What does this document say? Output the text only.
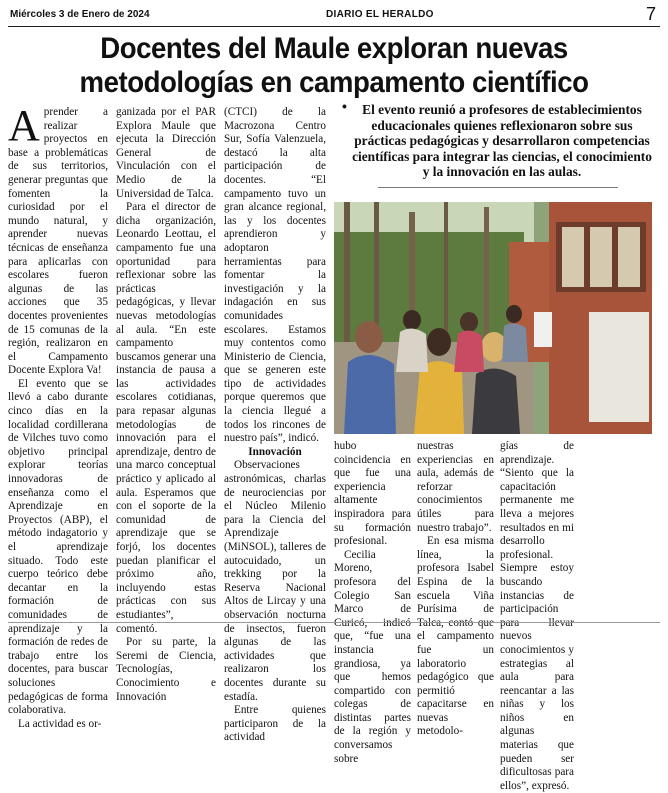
Miércoles 3 de Enero de 2024	DIARIO EL HERALDO	7
Docentes del Maule exploran nuevas
metodologías en campamento científico
A prender a realizar proyectos en base a problemáticas de sus territorios, generar preguntas que fomenten la curiosidad por el mundo natural, y aprender nuevas técnicas de enseñanza para aplicarlas con escolares fueron algunas de las acciones que 35 docentes provenientes de 15 comunas de la región, realizaron en el Campamento Docente Explora Va!

El evento que se llevó a cabo durante cinco días en la localidad cordillerana de Vilches tuvo como objetivo principal explorar teorías innovadoras de enseñanza como el Aprendizaje en Proyectos (ABP), el método indagatorio y el aprendizaje situado. Todo este cuerpo teórico debe decantar en la formación de comunidades de aprendizaje y la formación de redes de trabajo entre los docentes, para buscar soluciones pedagógicas de forma colaborativa.

La actividad es or-

ganizada por el PAR Explora Maule que ejecuta la Dirección General de Vinculación con el Medio de la Universidad de Talca.

Para el director de dicha organización, Leonardo Leottau, el campamento fue una oportunidad para reflexionar sobre las prácticas pedagógicas, y llevar nuevas metodologías al aula. “En este campamento buscamos generar una instancia de pausa a las actividades escolares cotidianas, para repasar algunas metodologías de innovación para el aprendizaje, dentro de una marco conceptual práctico y aplicado al aula. Esperamos que con el soporte de la comunidad de aprendizaje que se forjó, los docentes puedan planificar el próximo año, incluyendo estas prácticas con sus estudiantes”, comentó.

Por su parte, la Seremi de Ciencia, Tecnologías, Conocimiento e Innovación

(CTCI) de la Macrozona Centro Sur, Sofía Valenzuela, destacó la alta participación de docentes. “El campamento tuvo un gran alcance regional, las y los docentes aprendieron y adoptaron herramientas para fomentar la investigación y la indagación en sus comunidades escolares. Estamos muy contentos como Ministerio de Ciencia, que se generen este tipo de actividades porque queremos que la ciencia llegué a todos los rincones de nuestro país”, indicó.

Innovación

Observaciones astronómicas, charlas de neurociencias por el Núcleo Milenio para la Ciencia del Aprendizaje (MiNSOL), talleres de autocuidado, un trekking por la Reserva Nacional Altos de Lircay y una observación nocturna de insectos, fueron algunas de las actividades que realizaron los docentes durante su estadía.

Entre quienes participaron de la actividad

•	El evento reunió a profesores de establecimientos educacionales quienes reflexionaron sobre sus prácticas pedagógicas y desarrollaron competencias científicas para integrar las ciencias, el conocimiento y la innovación en las aulas.

hubo coincidencia en que fue una experiencia altamente inspiradora para su formación profesional.

Cecilia Moreno, profesora del Colegio San Marco de Curicó, indicó que, “fue una instancia grandiosa, ya que hemos compartido con colegas de distintas partes de la región y conversamos sobre

nuestras experiencias en aula, además de reforzar conocimientos útiles para nuestro trabajo”.

En esa misma línea, la profesora Isabel Espina de la escuela Viña Purísima de Talca, contó que el campamento fue un laboratorio pedagógico que permitió capacitarse en nuevas metodolo-

gías de aprendizaje. “Siento que la capacitación permanente me lleva a mejores resultados en mi desarrollo profesional. Siempre estoy buscando instancias de participación para llevar nuevos conocimientos y estrategias al aula para reencantar a las niñas y los niños en algunas materias que pueden ser dificultosas para ellos”, expresó.
